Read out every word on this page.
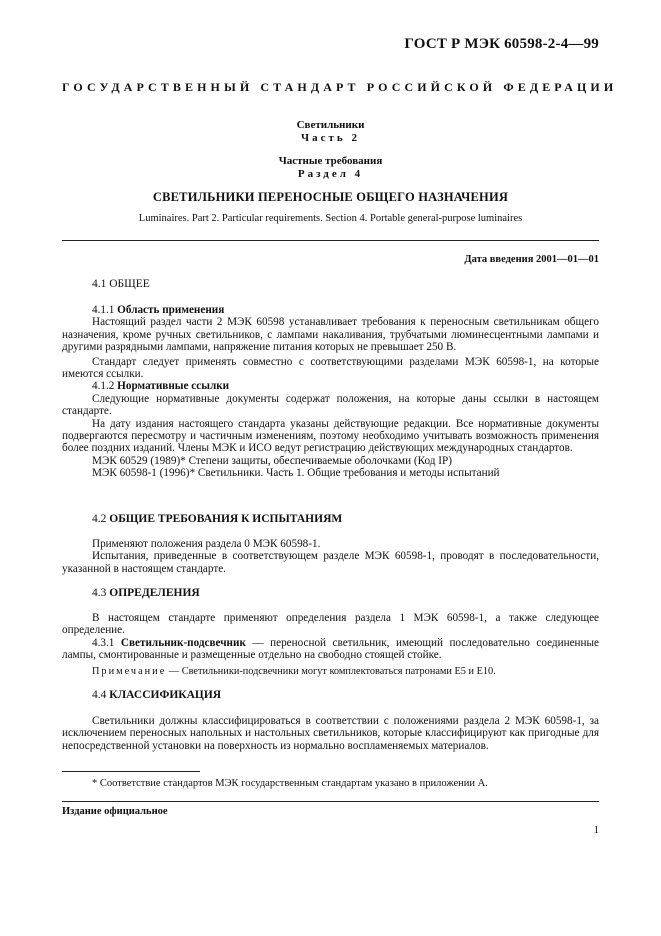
ГОСТ Р МЭК 60598-2-4—99
ГОСУДАРСТВЕННЫЙ СТАНДАРТ РОССИЙСКОЙ ФЕДЕРАЦИИ
Светильники
Часть 2
Частные требования
Раздел 4
СВЕТИЛЬНИКИ ПЕРЕНОСНЫЕ ОБЩЕГО НАЗНАЧЕНИЯ
Luminaires. Part 2. Particular requirements. Section 4. Portable general-purpose luminaires
Дата введения 2001—01—01
4.1 ОБЩЕЕ

4.1.1 Область применения

Настоящий раздел части 2 МЭК 60598 устанавливает требования к переносным светильникам общего назначения, кроме ручных светильников, с лампами накаливания, трубчатыми люминесцентными лампами и другими разрядными лампами, напряжение питания которых не превышает 250 В.

Стандарт следует применять совместно с соответствующими разделами МЭК 60598-1, на которые имеются ссылки.

4.1.2 Нормативные ссылки

Следующие нормативные документы содержат положения, на которые даны ссылки в настоящем стандарте.

На дату издания настоящего стандарта указаны действующие редакции. Все нормативные документы подвергаются пересмотру и частичным изменениям, поэтому необходимо учитывать возможность применения более поздних изданий. Члены МЭК и ИСО ведут регистрацию действующих международных стандартов.

МЭК 60529 (1989)* Степени защиты, обеспечиваемые оболочками (Код IP)

МЭК 60598-1 (1996)* Светильники. Часть 1. Общие требования и методы испытаний

4.2 ОБЩИЕ ТРЕБОВАНИЯ К ИСПЫТАНИЯМ

Применяют положения раздела 0 МЭК 60598-1.

Испытания, приведенные в соответствующем разделе МЭК 60598-1, проводят в последовательности, указанной в настоящем стандарте.

4.3 ОПРЕДЕЛЕНИЯ

В настоящем стандарте применяют определения раздела 1 МЭК 60598-1, а также следующее определение.

4.3.1 Светильник-подсвечник — переносной светильник, имеющий последовательно соединенные лампы, смонтированные и размещенные отдельно на свободно стоящей стойке.

Примечание — Светильники-подсвечники могут комплектоваться патронами E5 и E10.

4.4 КЛАССИФИКАЦИЯ

Светильники должны классифицироваться в соответствии с положениями раздела 2 МЭК 60598-1, за исключением переносных напольных и настольных светильников, которые классифицируют как пригодные для непосредственной установки на поверхность из нормально воспламеняемых материалов.

* Соответствие стандартов МЭК государственным стандартам указано в приложении А.
Издание официальное
1
